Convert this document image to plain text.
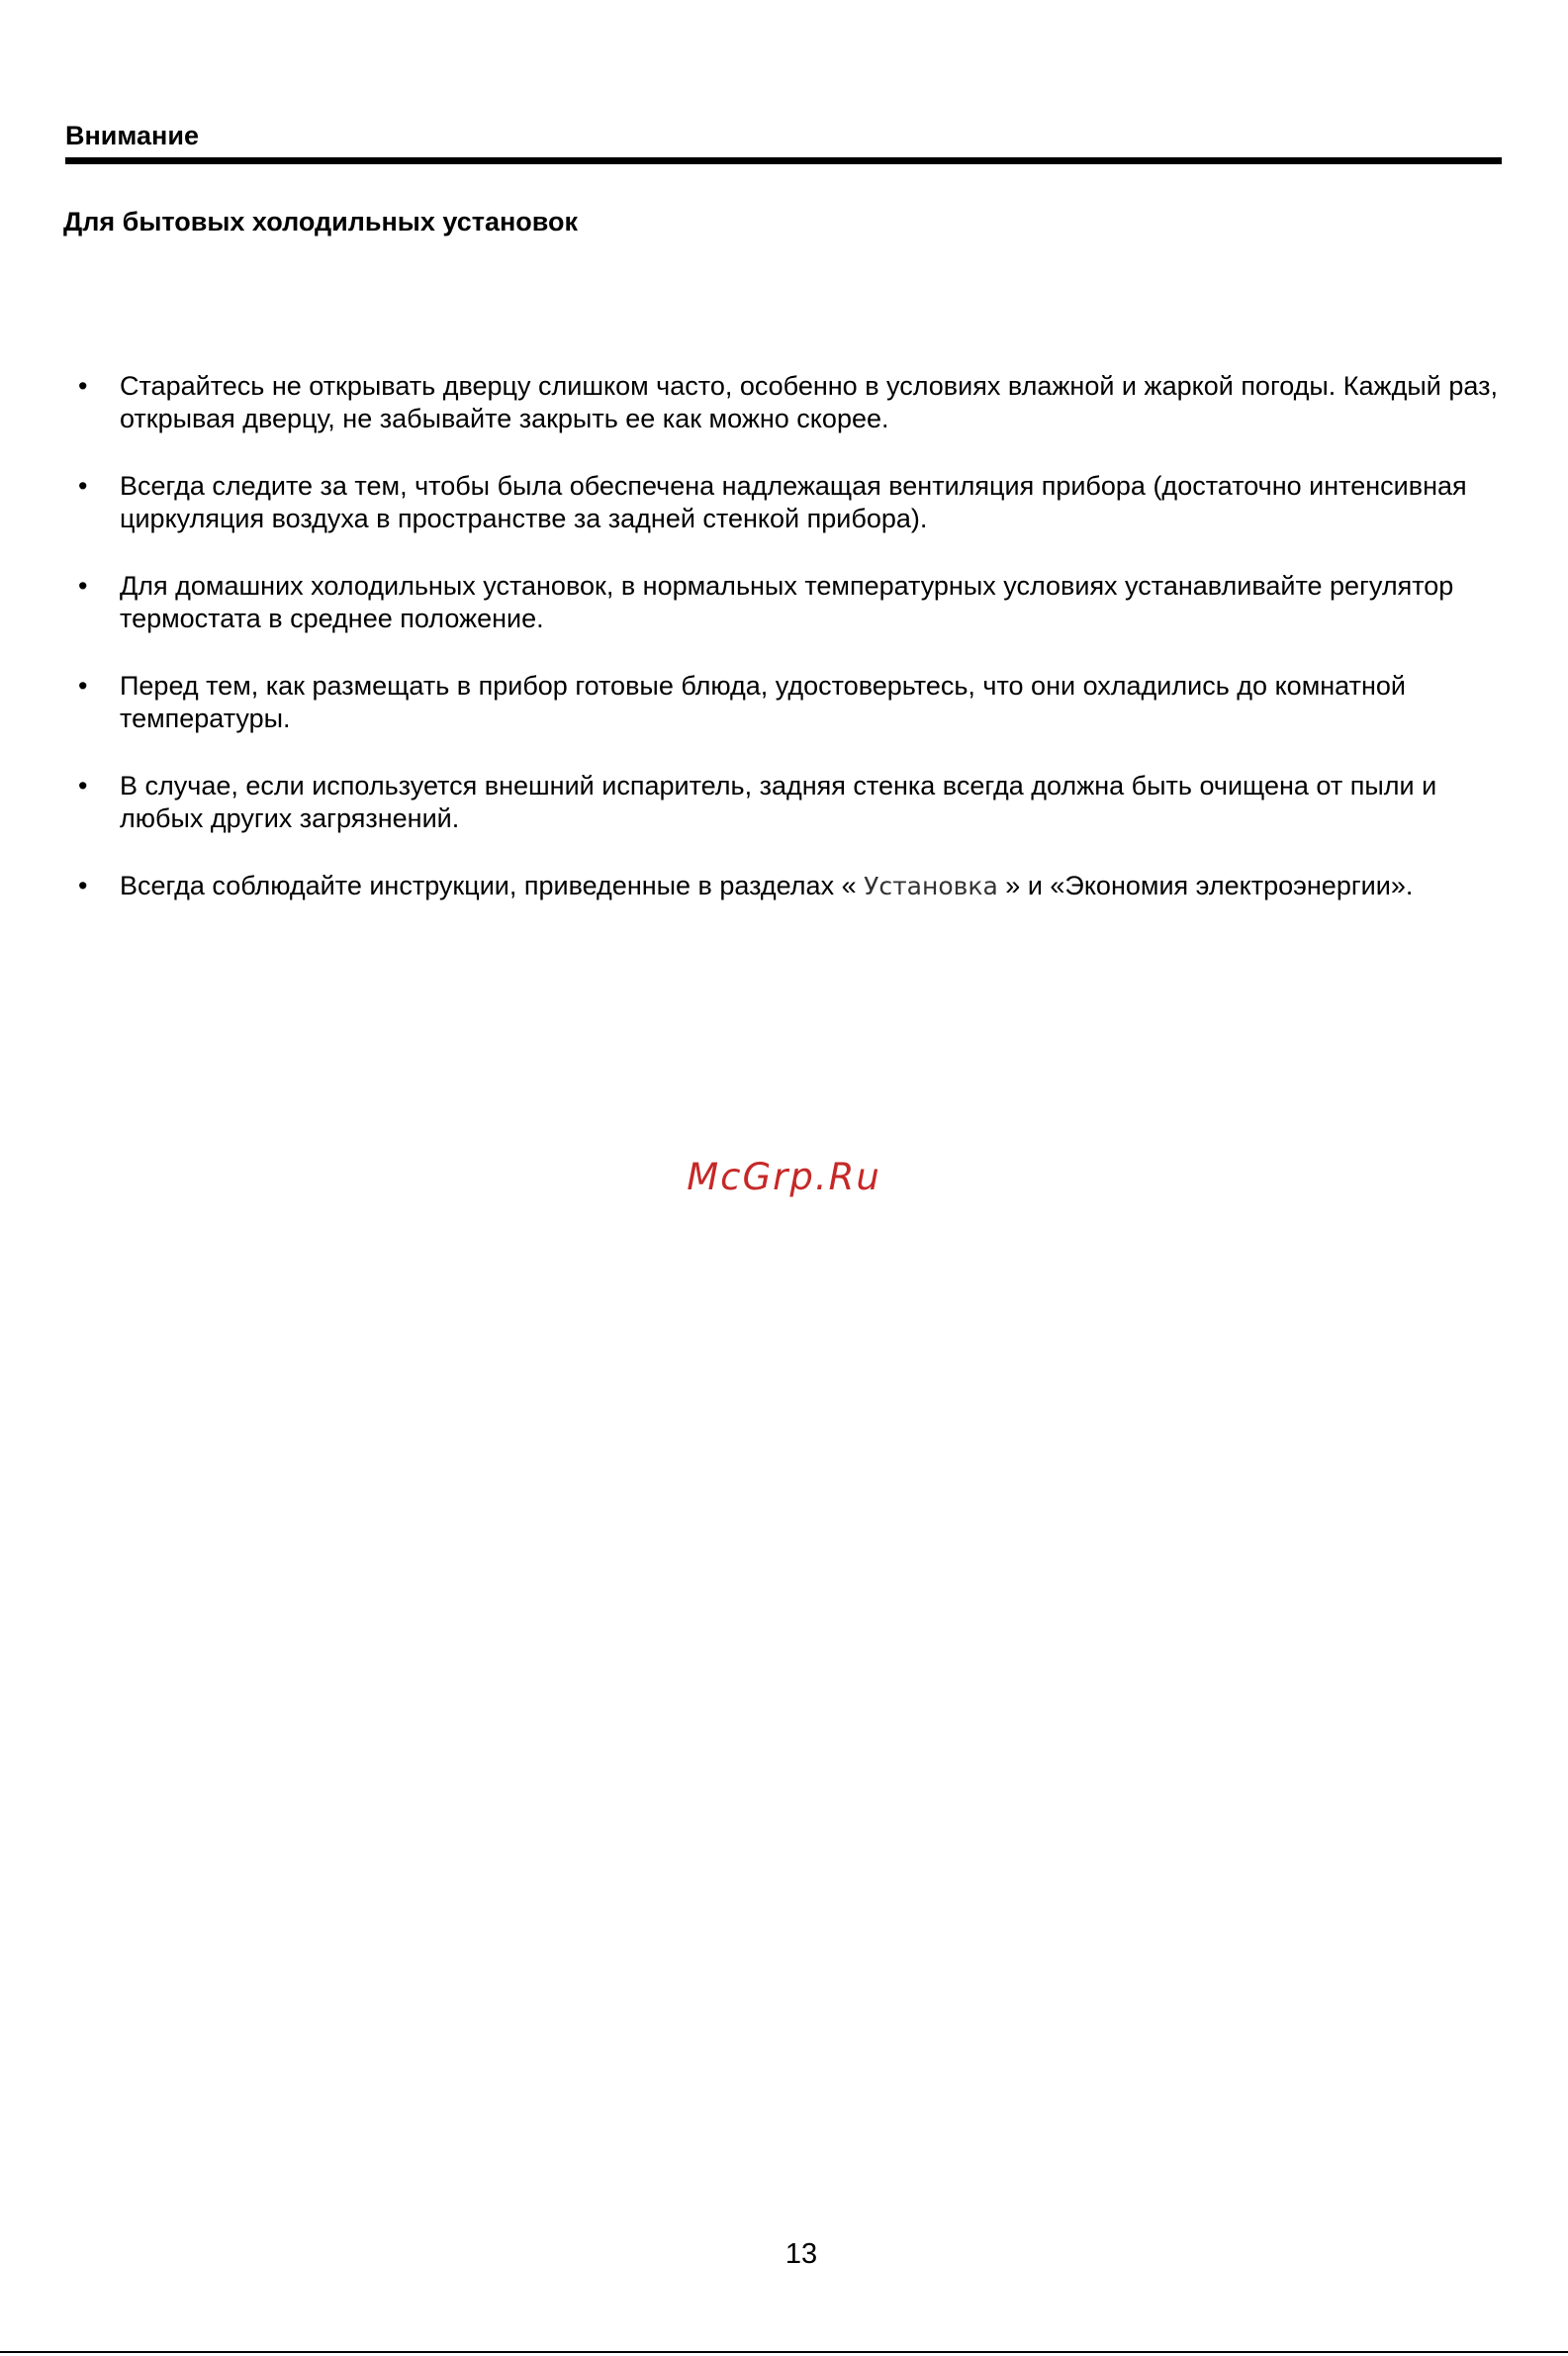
Внимание
Для бытовых холодильных установок
• Старайтесь не открывать дверцу слишком часто, особенно в условиях влажной и жаркой погоды. Каждый раз, открывая дверцу, не забывайте закрыть ее как можно скорее.
• Всегда следите за тем, чтобы была обеспечена надлежащая вентиляция прибора (достаточно интенсивная циркуляция воздуха в пространстве за задней стенкой прибора).
• Для домашних холодильных установок, в нормальных температурных условиях устанавливайте регулятор термостата в среднее положение.
• Перед тем, как размещать в прибор готовые блюда, удостоверьтесь, что они охладились до комнатной температуры.
• В случае, если используется внешний испаритель, задняя стенка всегда должна быть очищена от пыли и любых других загрязнений.
• Всегда соблюдайте инструкции, приведенные в разделах « Установка » и «Экономия электроэнергии».
McGrp.Ru
13
